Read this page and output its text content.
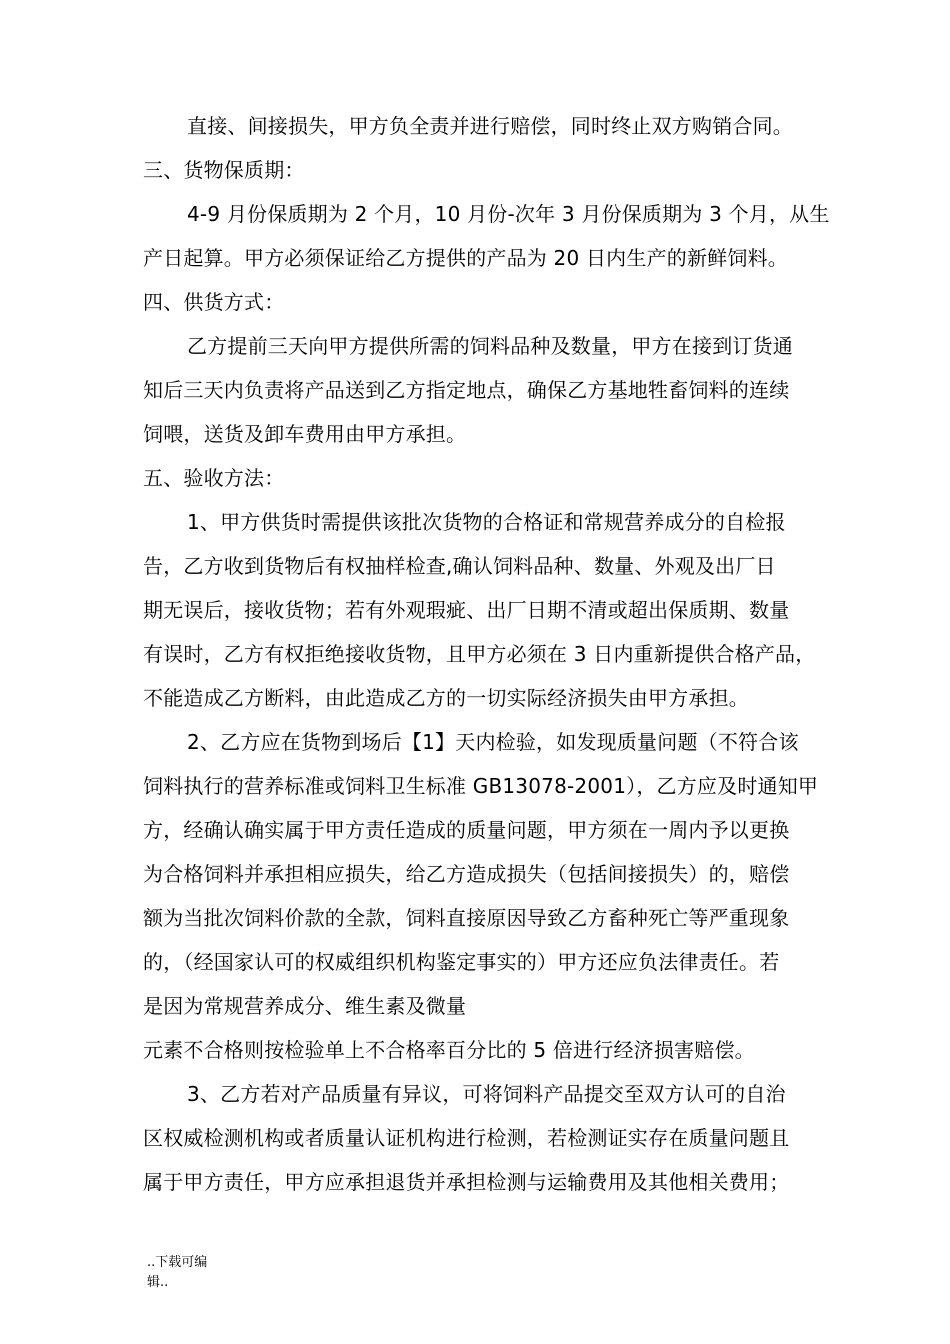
直接、间接损失，甲方负全责并进行赔偿，同时终止双方购销合同。

三、货物保质期：

4-9 月份保质期为 2 个月，10 月份-次年 3 月份保质期为 3 个月，从生

产日起算。甲方必须保证给乙方提供的产品为 20 日内生产的新鲜饲料。

四、供货方式：

乙方提前三天向甲方提供所需的饲料品种及数量，甲方在接到订货通

知后三天内负责将产品送到乙方指定地点，确保乙方基地牲畜饲料的连续

饲喂，送货及卸车费用由甲方承担。

五、验收方法：

1、甲方供货时需提供该批次货物的合格证和常规营养成分的自检报

告，乙方收到货物后有权抽样检查,确认饲料品种、数量、外观及出厂日

期无误后，接收货物；若有外观瑕疵、出厂日期不清或超出保质期、数量

有误时，乙方有权拒绝接收货物，且甲方必须在 3 日内重新提供合格产品，

不能造成乙方断料，由此造成乙方的一切实际经济损失由甲方承担。

2、乙方应在货物到场后【1】天内检验，如发现质量问题（不符合该

饲料执行的营养标准或饲料卫生标准 GB13078-2001），乙方应及时通知甲

方，经确认确实属于甲方责任造成的质量问题，甲方须在一周内予以更换

为合格饲料并承担相应损失，给乙方造成损失（包括间接损失）的，赔偿

额为当批次饲料价款的全款，饲料直接原因导致乙方畜种死亡等严重现象

的，（经国家认可的权威组织机构鉴定事实的）甲方还应负法律责任。若

是因为常规营养成分、维生素及微量

元素不合格则按检验单上不合格率百分比的 5 倍进行经济损害赔偿。

3、乙方若对产品质量有异议，可将饲料产品提交至双方认可的自治

区权威检测机构或者质量认证机构进行检测，若检测证实存在质量问题且

属于甲方责任，甲方应承担退货并承担检测与运输费用及其他相关费用；

..下载可编

辑..
